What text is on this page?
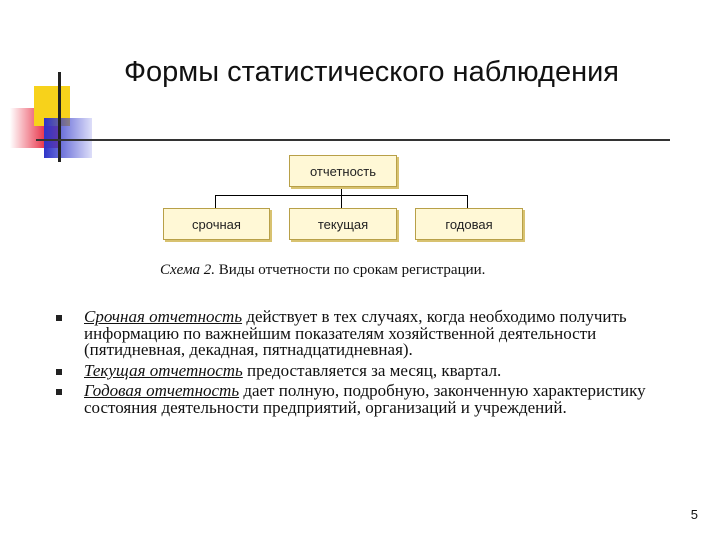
Формы статистического наблюдения
отчетность
срочная	текущая	годовая
Схема 2. Виды отчетности по срокам регистрации.
Срочная отчетность действует в тех случаях, когда необходимо получить информацию по важнейшим показателям хозяйственной деятельности (пятидневная, декадная, пятнадцатидневная).
Текущая отчетность предоставляется за месяц, квартал.
Годовая отчетность дает полную, подробную, законченную характеристику состояния деятельности предприятий, организаций и учреждений.
5
